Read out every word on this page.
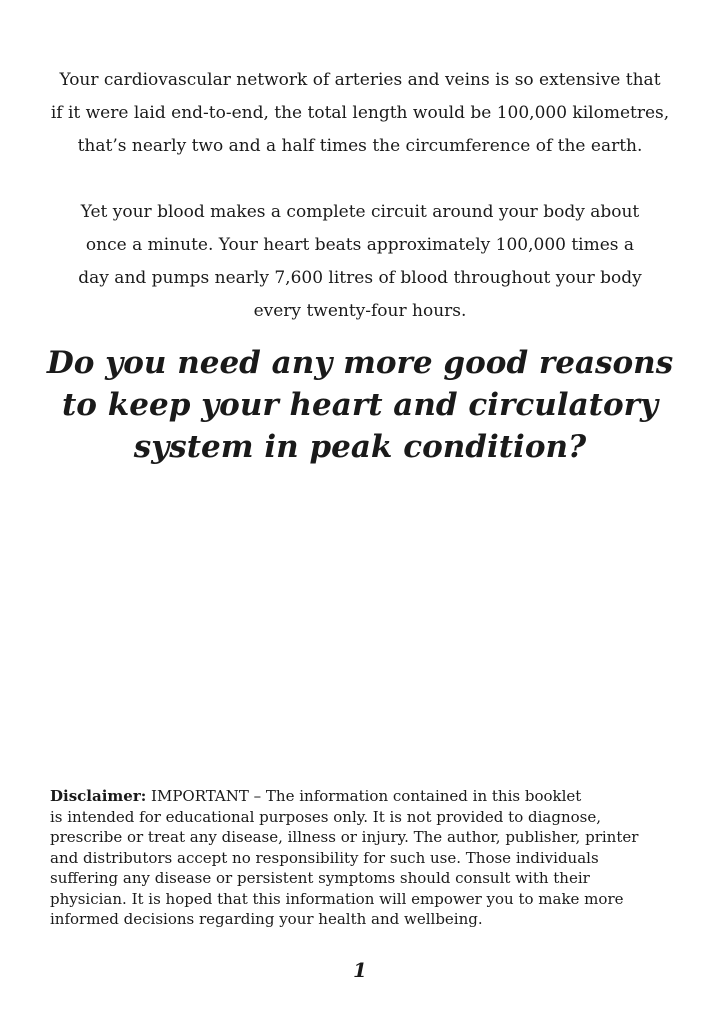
Your cardiovascular network of arteries and veins is so extensive that
if it were laid end-to-end, the total length would be 100,000 kilometres,
that’s nearly two and a half times the circumference of the earth.

Yet your blood makes a complete circuit around your body about
once a minute. Your heart beats approximately 100,000 times a
day and pumps nearly 7,600 litres of blood throughout your body
every twenty-four hours.

Do you need any more good reasons
to keep your heart and circulatory
system in peak condition?

Disclaimer: IMPORTANT – The information contained in this booklet
is intended for educational purposes only. It is not provided to diagnose,
prescribe or treat any disease, illness or injury. The author, publisher, printer
and distributors accept no responsibility for such use. Those individuals
suffering any disease or persistent symptoms should consult with their
physician. It is hoped that this information will empower you to make more
informed decisions regarding your health and wellbeing.

1
